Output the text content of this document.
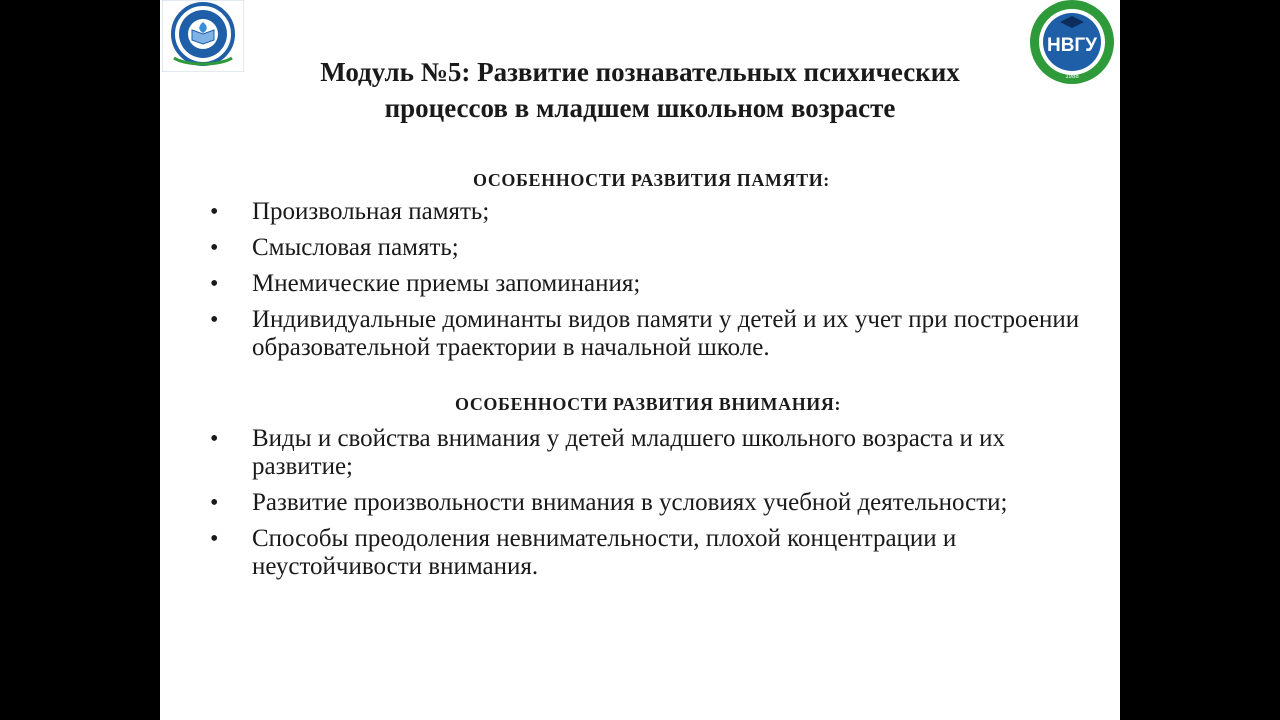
НВГУ
1988
Модуль №5: Развитие познавательных психических
процессов в младшем школьном возрасте
ОСОБЕННОСТИ РАЗВИТИЯ ПАМЯТИ:
• Произвольная память;
• Смысловая память;
• Мнемические приемы запоминания;
• Индивидуальные доминанты видов памяти у детей и их учет при построении образовательной траектории в начальной школе.
ОСОБЕННОСТИ РАЗВИТИЯ ВНИМАНИЯ:
• Виды и свойства внимания у детей младшего школьного возраста и их развитие;
• Развитие произвольности внимания в условиях учебной деятельности;
• Способы преодоления невнимательности, плохой концентрации и неустойчивости внимания.
